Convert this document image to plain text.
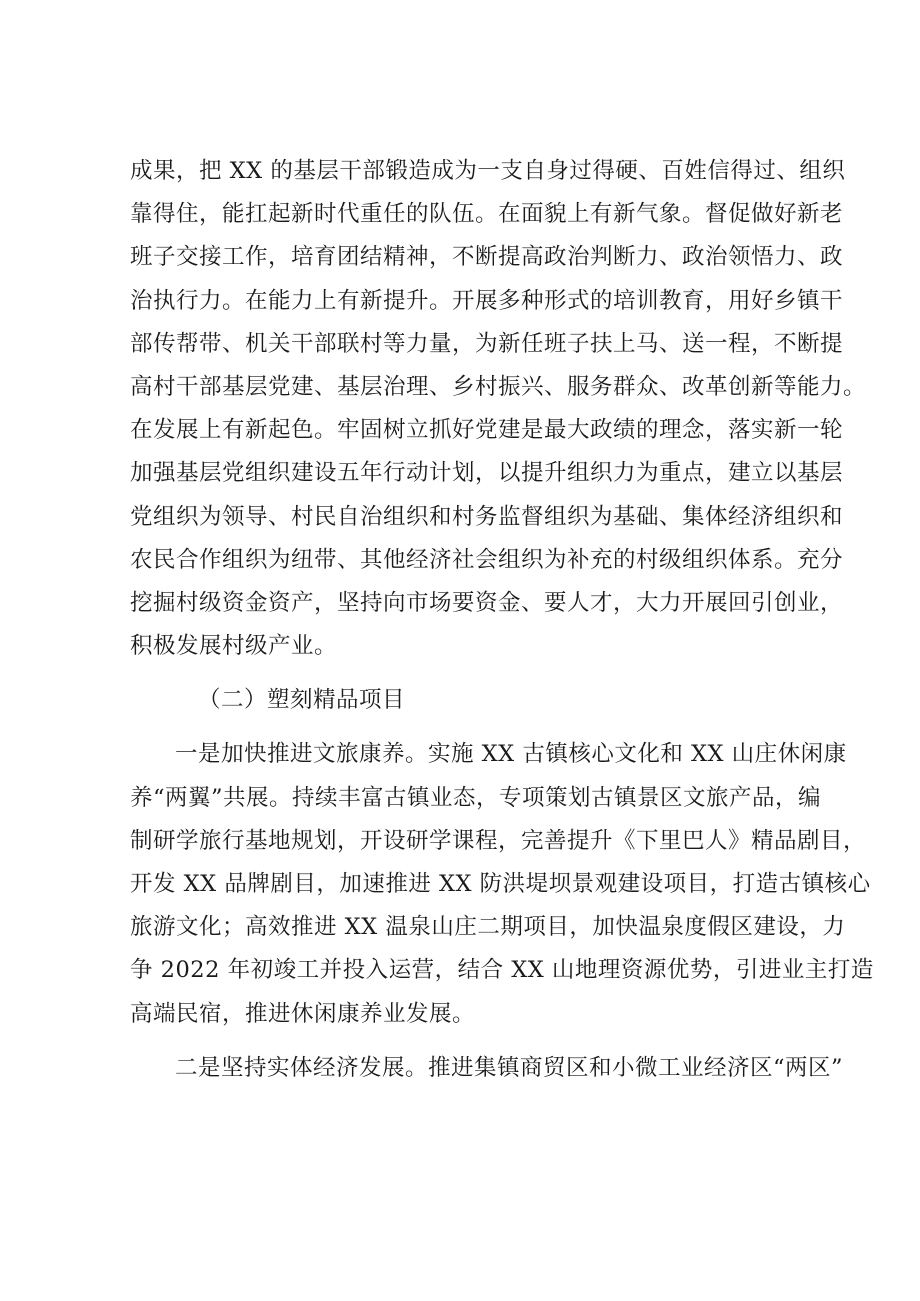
成果，把 XX 的基层干部锻造成为一支自身过得硬、百姓信得过、组织
靠得住，能扛起新时代重任的队伍。在面貌上有新气象。督促做好新老
班子交接工作，培育团结精神，不断提高政治判断力、政治领悟力、政
治执行力。在能力上有新提升。开展多种形式的培训教育，用好乡镇干
部传帮带、机关干部联村等力量，为新任班子扶上马、送一程，不断提
高村干部基层党建、基层治理、乡村振兴、服务群众、改革创新等能力。
在发展上有新起色。牢固树立抓好党建是最大政绩的理念，落实新一轮
加强基层党组织建设五年行动计划，以提升组织力为重点，建立以基层
党组织为领导、村民自治组织和村务监督组织为基础、集体经济组织和
农民合作组织为纽带、其他经济社会组织为补充的村级组织体系。充分
挖掘村级资金资产，坚持向市场要资金、要人才，大力开展回引创业，
积极发展村级产业。
（二）塑刻精品项目
一是加快推进文旅康养。实施 XX 古镇核心文化和 XX 山庄休闲康
养“两翼”共展。持续丰富古镇业态，专项策划古镇景区文旅产品，编
制研学旅行基地规划，开设研学课程，完善提升《下里巴人》精品剧目，
开发 XX 品牌剧目，加速推进 XX 防洪堤坝景观建设项目，打造古镇核心
旅游文化；高效推进 XX 温泉山庄二期项目，加快温泉度假区建设，力
争 2022 年初竣工并投入运营，结合 XX 山地理资源优势，引进业主打造
高端民宿，推进休闲康养业发展。
二是坚持实体经济发展。推进集镇商贸区和小微工业经济区“两区”
